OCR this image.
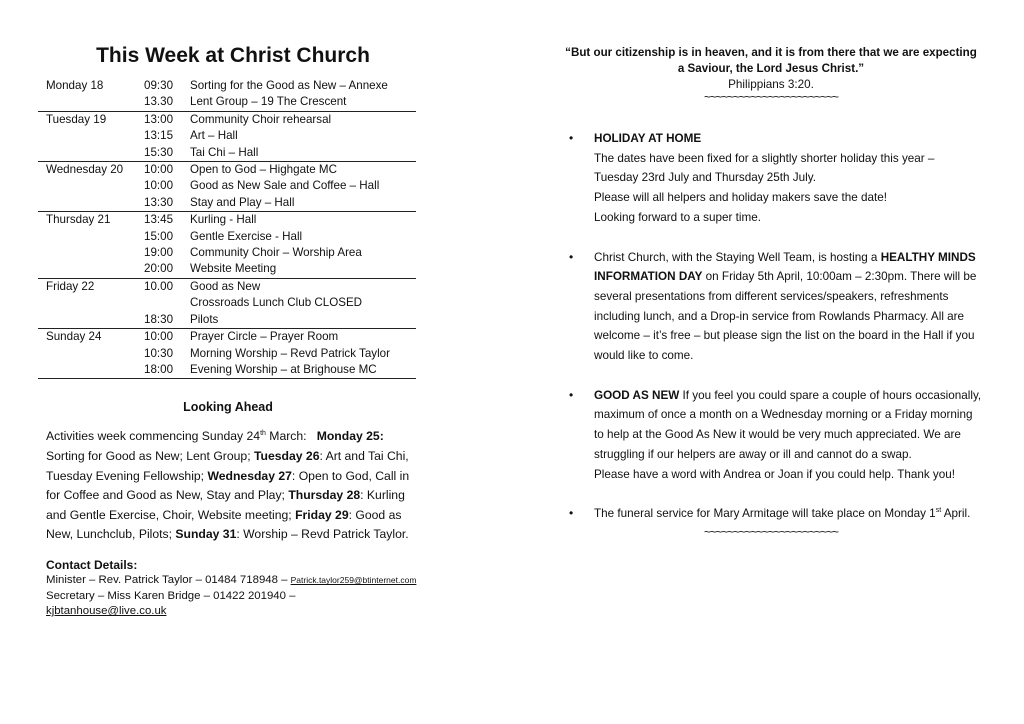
This Week at Christ Church
Monday 18	09:30	Sorting for the Good as New – Annexe
	13.30	Lent Group – 19 The Crescent
Tuesday 19	13:00	Community Choir rehearsal
	13:15	Art – Hall
	15:30	Tai Chi – Hall
Wednesday 20	10:00	Open to God – Highgate MC
	10:00	Good as New Sale and Coffee – Hall
	13:30	Stay and Play – Hall
Thursday 21	13:45	Kurling - Hall
	15:00	Gentle Exercise - Hall
	19:00	Community Choir – Worship Area
	20:00	Website Meeting
Friday 22	10.00	Good as New
		Crossroads Lunch Club CLOSED
	18:30	Pilots
Sunday 24	10:00	Prayer Circle – Prayer Room
	10:30	Morning Worship – Revd Patrick Taylor
	18:00	Evening Worship – at Brighouse MC
Looking Ahead

Activities week commencing Sunday 24th March:   Monday 25: Sorting for Good as New; Lent Group; Tuesday 26: Art and Tai Chi, Tuesday Evening Fellowship; Wednesday 27: Open to God, Call in for Coffee and Good as New, Stay and Play; Thursday 28: Kurling and Gentle Exercise, Choir, Website meeting; Friday 29: Good as New, Lunchclub, Pilots; Sunday 31: Worship – Revd Patrick Taylor.

Contact Details:
Minister – Rev. Patrick Taylor – 01484 718948 – Patrick.taylor259@btinternet.com
Secretary – Miss Karen Bridge – 01422 201940 – kjbtanhouse@live.co.uk
“But our citizenship is in heaven, and it is from there that we are expecting
a Saviour, the Lord Jesus Christ.”
Philippians 3:20.
~~~~~~~~~~~~~~~~~~~~~~~
• HOLIDAY AT HOME
The dates have been fixed for a slightly shorter holiday this year –
Tuesday 23rd July and Thursday 25th July.
Please will all helpers and holiday makers save the date!
Looking forward to a super time.
• Christ Church, with the Staying Well Team, is hosting a HEALTHY MINDS INFORMATION DAY on Friday 5th April, 10:00am – 2:30pm. There will be several presentations from different services/speakers, refreshments including lunch, and a Drop-in service from Rowlands Pharmacy. All are welcome – it’s free – but please sign the list on the board in the Hall if you would like to come.
• GOOD AS NEW If you feel you could spare a couple of hours occasionally, maximum of once a month on a Wednesday morning or a Friday morning to help at the Good As New it would be very much appreciated. We are struggling if our helpers are away or ill and cannot do a swap.
Please have a word with Andrea or Joan if you could help. Thank you!
• The funeral service for Mary Armitage will take place on Monday 1st April.
~~~~~~~~~~~~~~~~~~~~~~~
